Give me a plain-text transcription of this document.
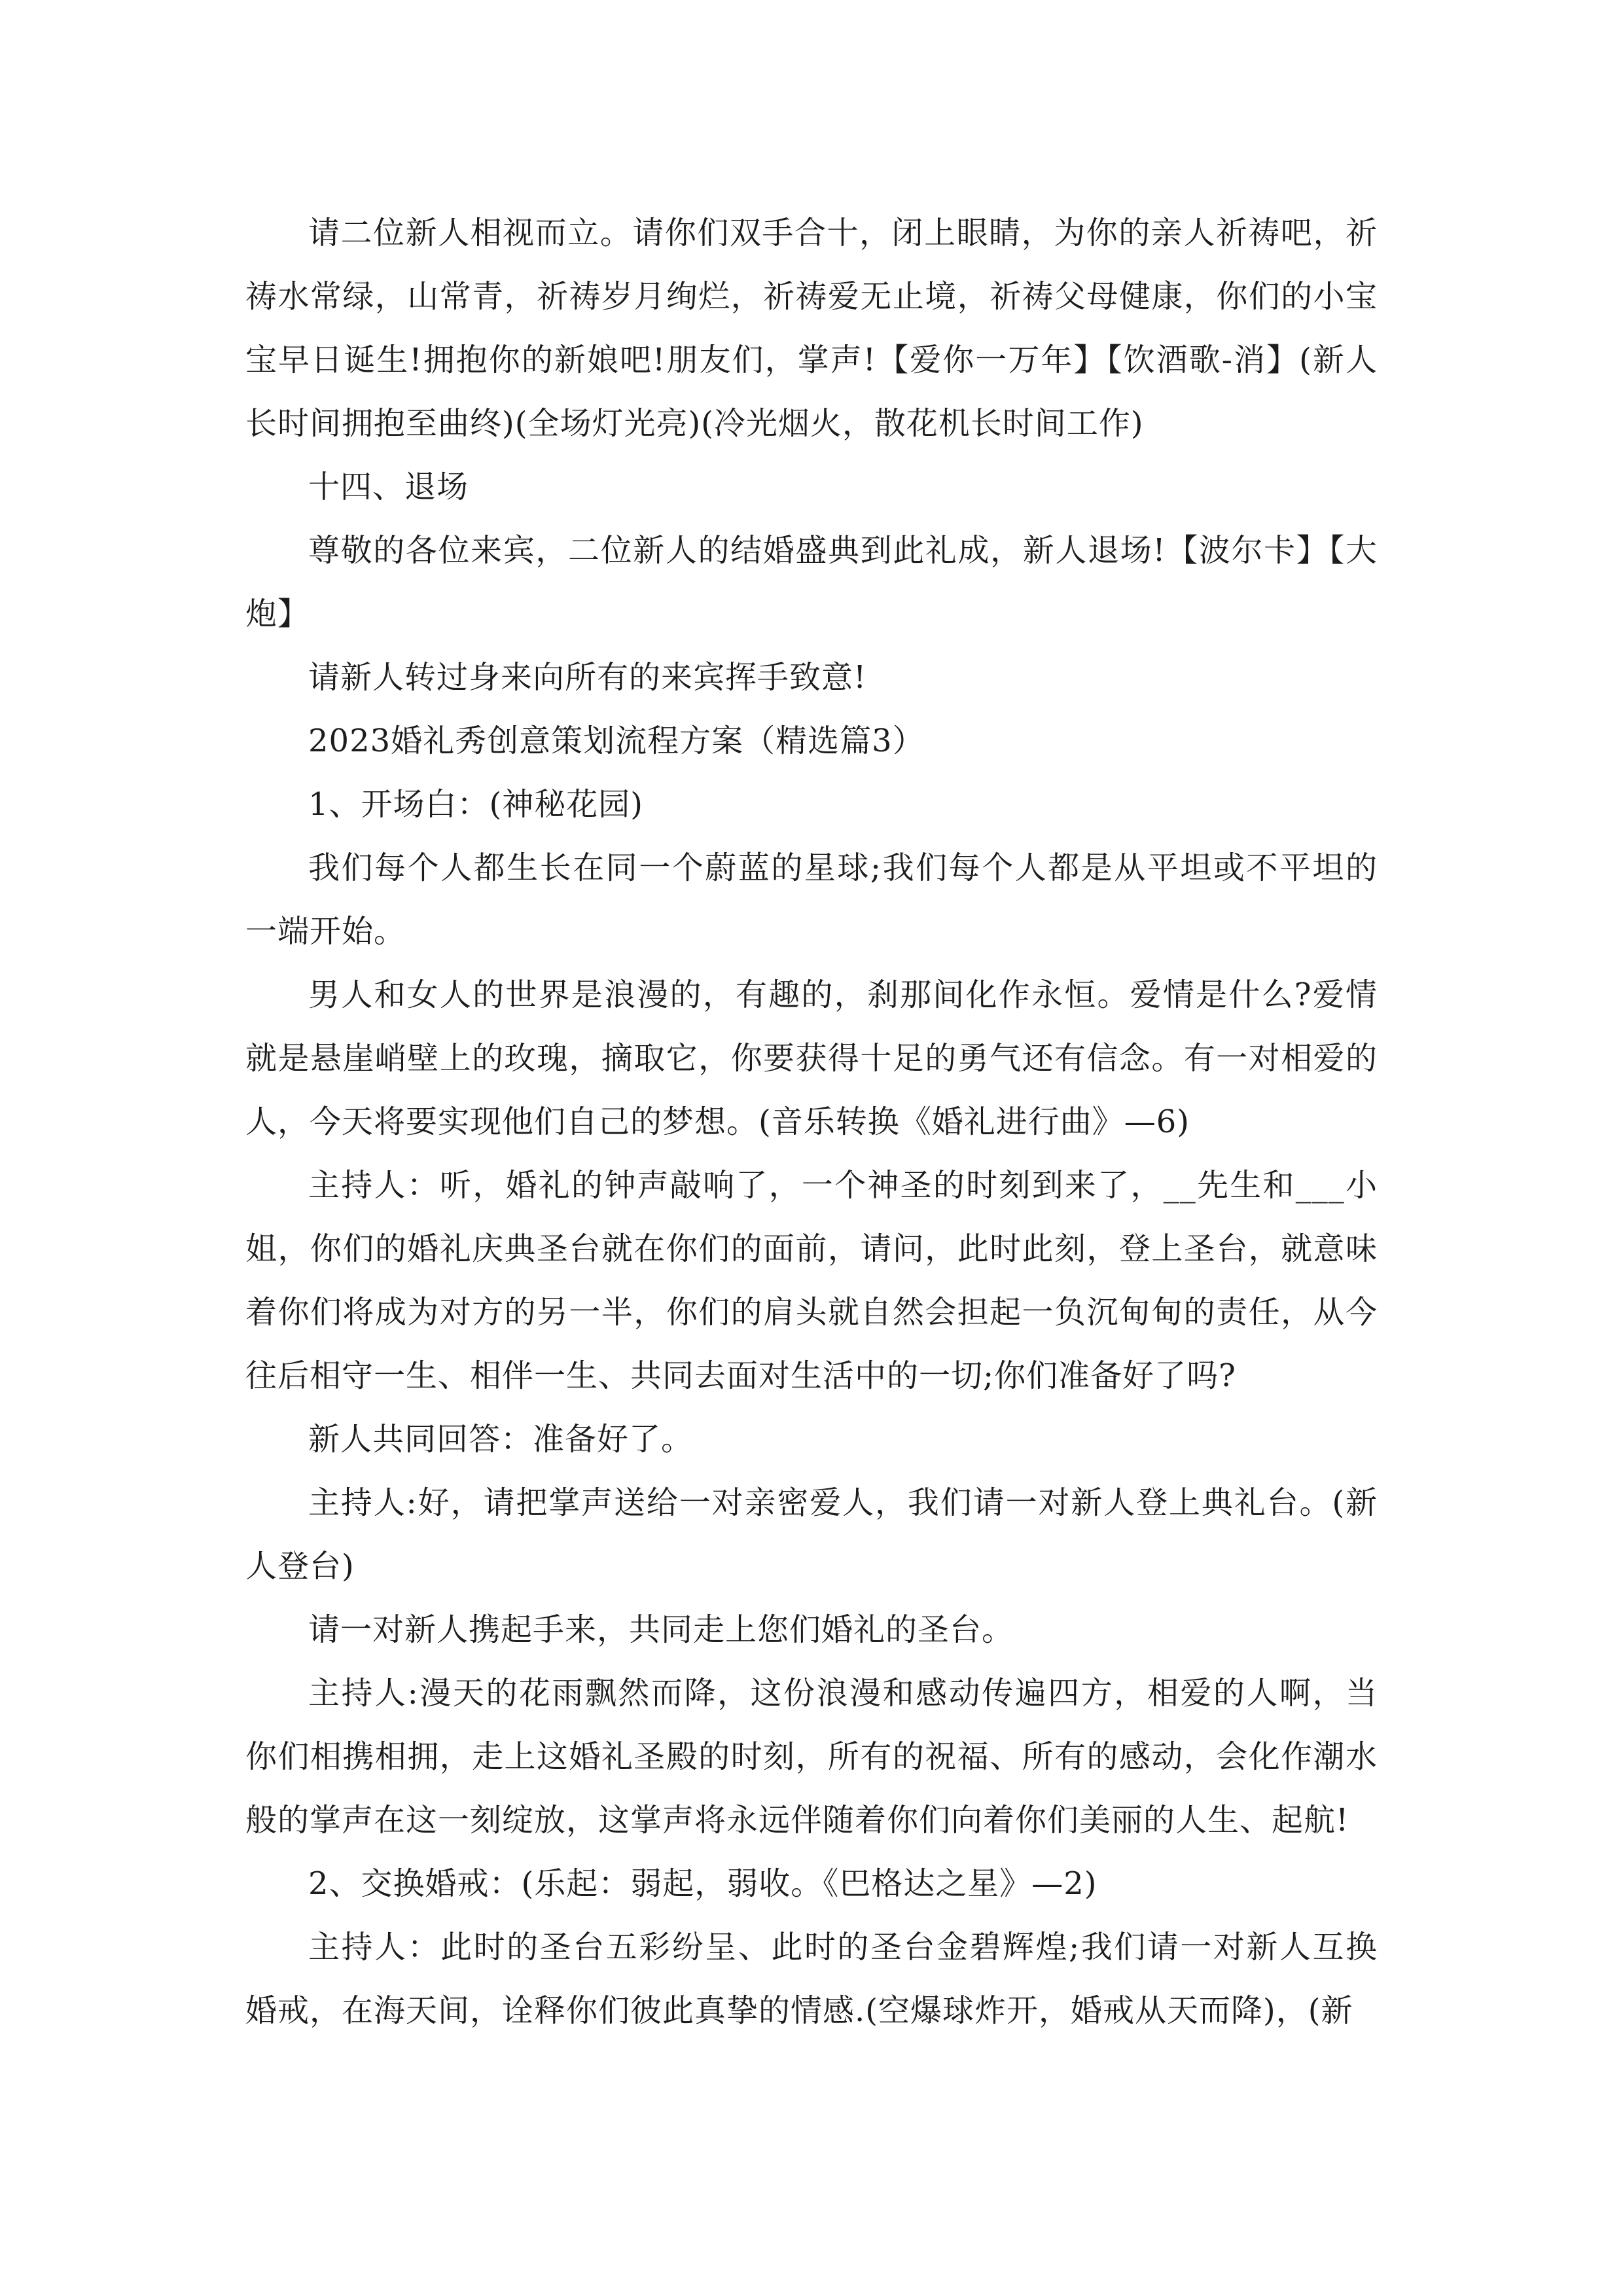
请二位新人相视而立。请你们双手合十，闭上眼睛，为你的亲人祈祷吧，祈祷水常绿，山常青，祈祷岁月绚烂，祈祷爱无止境，祈祷父母健康，你们的小宝宝早日诞生!拥抱你的新娘吧!朋友们，掌声!【爱你一万年】【饮酒歌-消】(新人长时间拥抱至曲终)(全场灯光亮)(冷光烟火，散花机长时间工作)

十四、退场

尊敬的各位来宾，二位新人的结婚盛典到此礼成，新人退场!【波尔卡】【大炮】

请新人转过身来向所有的来宾挥手致意!

2023婚礼秀创意策划流程方案（精选篇3）

1、开场白：(神秘花园)

我们每个人都生长在同一个蔚蓝的星球;我们每个人都是从平坦或不平坦的一端开始。

男人和女人的世界是浪漫的，有趣的，刹那间化作永恒。爱情是什么?爱情就是悬崖峭壁上的玫瑰，摘取它，你要获得十足的勇气还有信念。有一对相爱的人，今天将要实现他们自己的梦想。(音乐转换《婚礼进行曲》—6)

主持人：听，婚礼的钟声敲响了，一个神圣的时刻到来了，__先生和___小姐，你们的婚礼庆典圣台就在你们的面前，请问，此时此刻，登上圣台，就意味着你们将成为对方的另一半，你们的肩头就自然会担起一负沉甸甸的责任，从今往后相守一生、相伴一生、共同去面对生活中的一切;你们准备好了吗?

新人共同回答：准备好了。

主持人:好，请把掌声送给一对亲密爱人，我们请一对新人登上典礼台。(新人登台)

请一对新人携起手来，共同走上您们婚礼的圣台。

主持人:漫天的花雨飘然而降，这份浪漫和感动传遍四方，相爱的人啊，当你们相携相拥，走上这婚礼圣殿的时刻，所有的祝福、所有的感动，会化作潮水般的掌声在这一刻绽放，这掌声将永远伴随着你们向着你们美丽的人生、起航!

2、交换婚戒：(乐起：弱起，弱收。《巴格达之星》—2)

主持人：此时的圣台五彩纷呈、此时的圣台金碧辉煌;我们请一对新人互换婚戒，在海天间，诠释你们彼此真挚的情感.(空爆球炸开，婚戒从天而降)，(新
